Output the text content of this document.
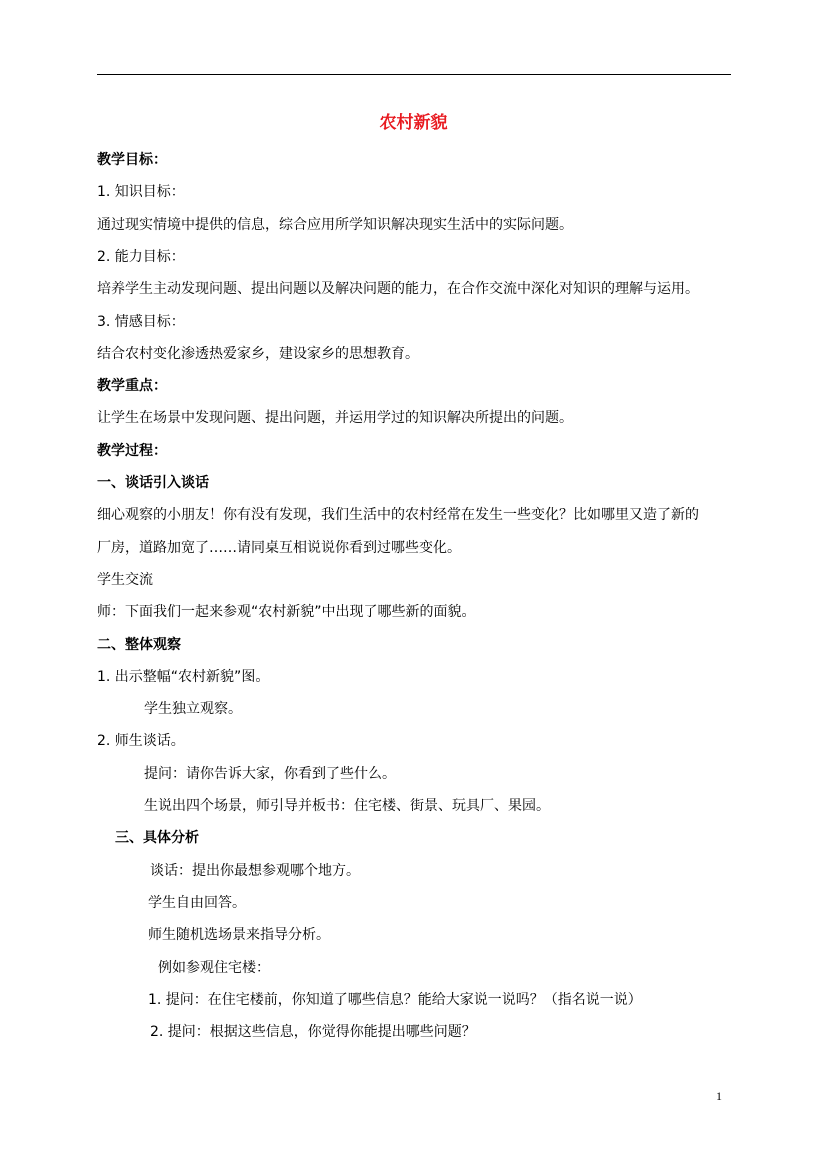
农村新貌
教学目标：
1. 知识目标：
通过现实情境中提供的信息，综合应用所学知识解决现实生活中的实际问题。
2. 能力目标：
培养学生主动发现问题、提出问题以及解决问题的能力，在合作交流中深化对知识的理解与运用。
3. 情感目标：
结合农村变化渗透热爱家乡，建设家乡的思想教育。
教学重点：
让学生在场景中发现问题、提出问题，并运用学过的知识解决所提出的问题。
教学过程：
一、谈话引入谈话
细心观察的小朋友！你有没有发现，我们生活中的农村经常在发生一些变化？比如哪里又造了新的
厂房，道路加宽了……请同桌互相说说你看到过哪些变化。
学生交流
师：下面我们一起来参观“农村新貌”中出现了哪些新的面貌。
二、整体观察
1. 出示整幅“农村新貌”图。
学生独立观察。
2. 师生谈话。
提问：请你告诉大家，你看到了些什么。
生说出四个场景，师引导并板书：住宅楼、街景、玩具厂、果园。
三、具体分析
谈话：提出你最想参观哪个地方。
学生自由回答。
师生随机选场景来指导分析。
例如参观住宅楼：
1. 提问：在住宅楼前，你知道了哪些信息？能给大家说一说吗？（指名说一说）
2. 提问：根据这些信息，你觉得你能提出哪些问题？
1
